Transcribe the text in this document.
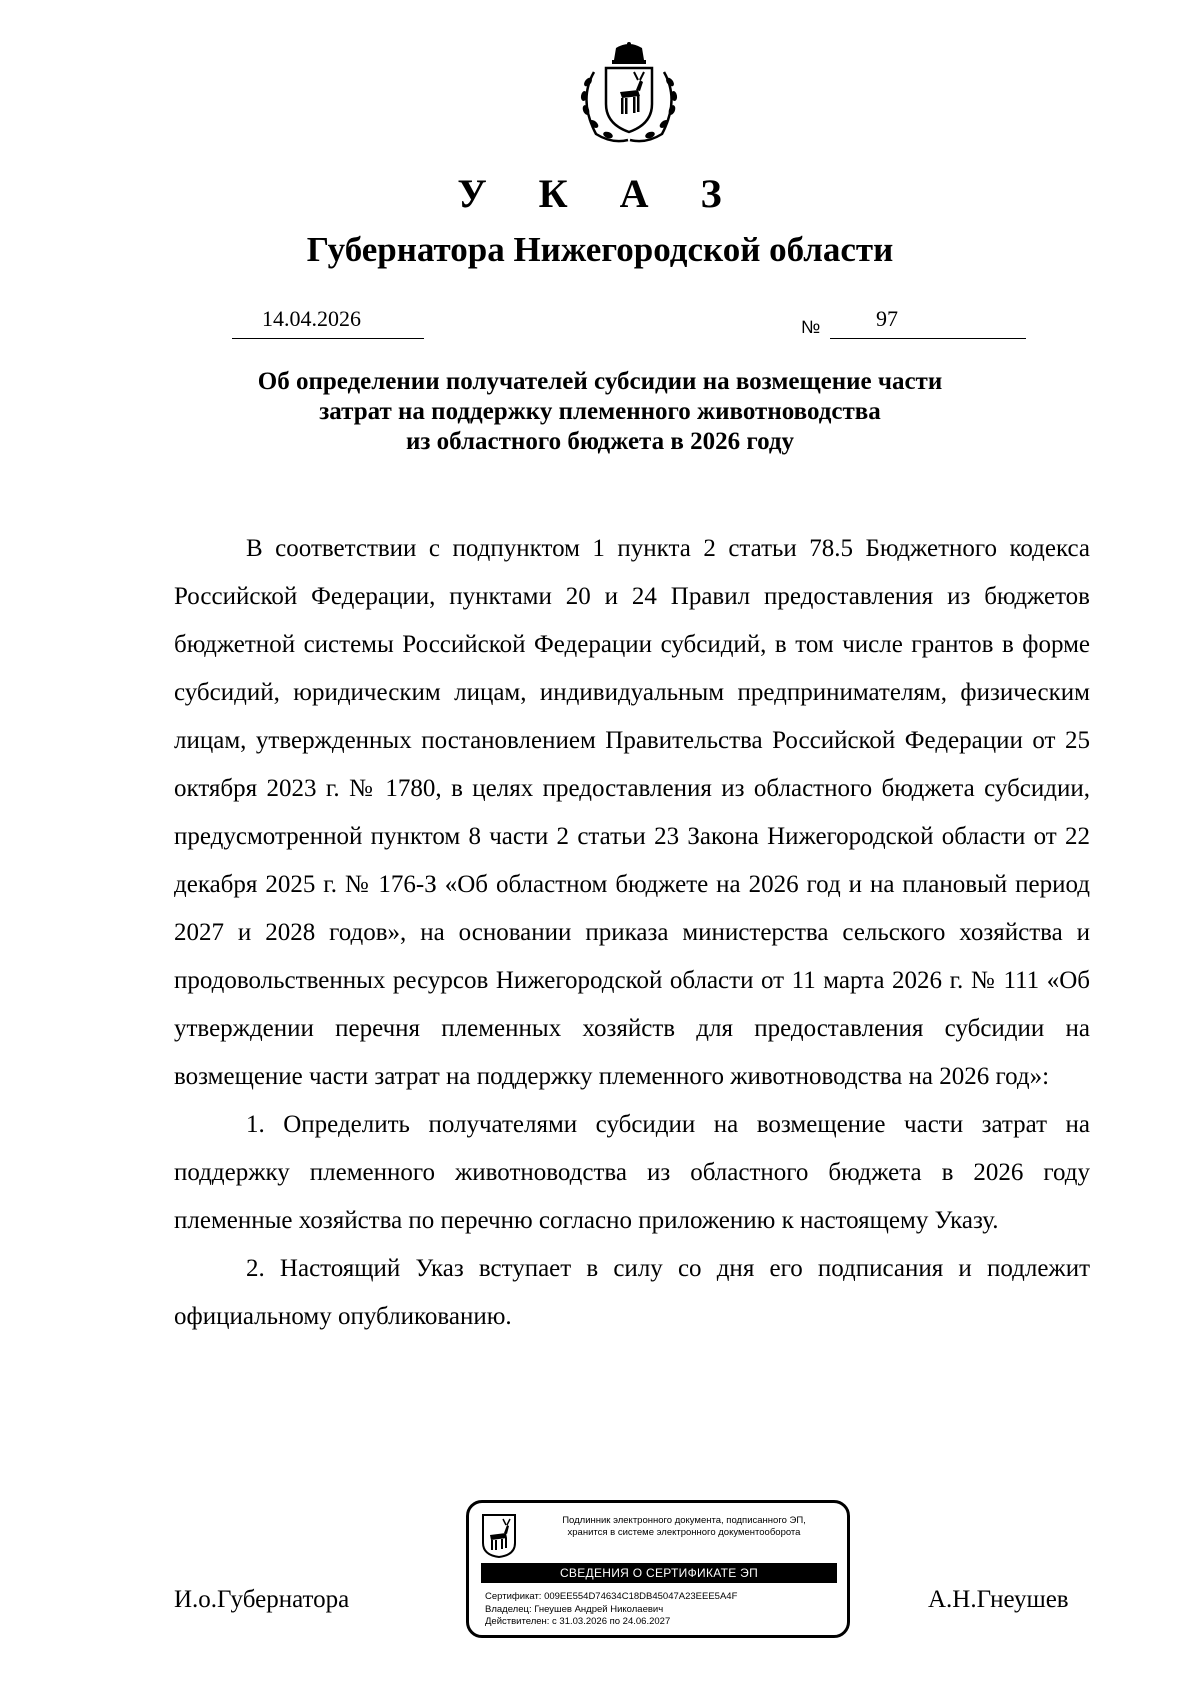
У К А З
Губернатора Нижегородской области
14.04.2026	№	97
Об определении получателей субсидии на возмещение части
затрат на поддержку племенного животноводства
из областного бюджета в 2026 году

В соответствии с подпунктом 1 пункта 2 статьи 78.5 Бюджетного кодекса Российской Федерации, пунктами 20 и 24 Правил предоставления из бюджетов бюджетной системы Российской Федерации субсидий, в том числе грантов в форме субсидий, юридическим лицам, индивидуальным предпринимателям, физическим лицам, утвержденных постановлением Правительства Российской Федерации от 25 октября 2023 г. № 1780, в целях предоставления из областного бюджета субсидии, предусмотренной пунктом 8 части 2 статьи 23 Закона Нижегородской области от 22 декабря 2025 г. № 176-З «Об областном бюджете на 2026 год и на плановый период 2027 и 2028 годов», на основании приказа министерства сельского хозяйства и продовольственных ресурсов Нижегородской области от 11 марта 2026 г. № 111 «Об утверждении перечня племенных хозяйств для предоставления субсидии на возмещение части затрат на поддержку племенного животноводства на 2026 год»:

1. Определить получателями субсидии на возмещение части затрат на поддержку племенного животноводства из областного бюджета в 2026 году племенные хозяйства по перечню согласно приложению к настоящему Указу.

2. Настоящий Указ вступает в силу со дня его подписания и подлежит официальному опубликованию.

И.о.Губернатора
Подлинник электронного документа, подписанного ЭП,
хранится в системе электронного документооборота
СВЕДЕНИЯ О СЕРТИФИКАТЕ ЭП
Сертификат: 009EE554D74634C18DB45047A23EEE5A4F
Владелец: Гнеушев Андрей Николаевич
Действителен: с 31.03.2026 по 24.06.2027
А.Н.Гнеушев
